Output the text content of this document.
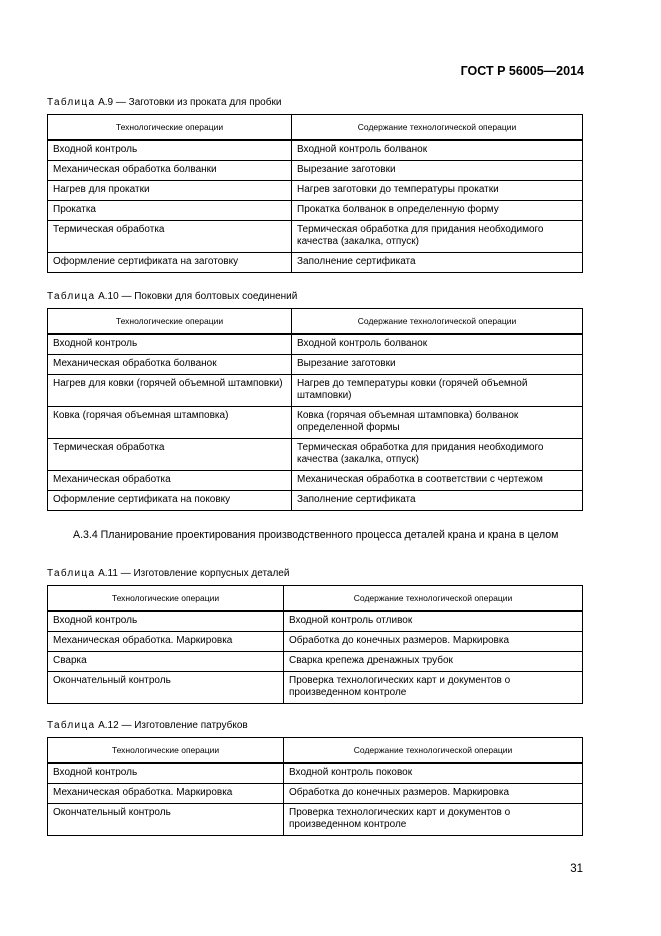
ГОСТ Р 56005—2014
Таблица А.9 — Заготовки из проката для пробки
Технологические операции	Содержание технологической операции
Входной контроль	Входной контроль болванок
Механическая обработка болванки	Вырезание заготовки
Нагрев для прокатки	Нагрев заготовки до температуры прокатки
Прокатка	Прокатка болванок в определенную форму
Термическая обработка	Термическая обработка для придания необходимого качества (закалка, отпуск)
Оформление сертификата на заготовку	Заполнение сертификата
Таблица А.10 — Поковки для болтовых соединений
Технологические операции	Содержание технологической операции
Входной контроль	Входной контроль болванок
Механическая обработка болванок	Вырезание заготовки
Нагрев для ковки (горячей объемной штамповки)	Нагрев до температуры ковки (горячей объемной штамповки)
Ковка (горячая объемная штамповка)	Ковка (горячая объемная штамповка) болванок определенной формы
Термическая обработка	Термическая обработка для придания необходимого качества (закалка, отпуск)
Механическая обработка	Механическая обработка в соответствии с чертежом
Оформление сертификата на поковку	Заполнение сертификата
А.3.4 Планирование проектирования производственного процесса деталей крана и крана в целом
Таблица А.11 — Изготовление корпусных деталей
Технологические операции	Содержание технологической операции
Входной контроль	Входной контроль отливок
Механическая обработка. Маркировка	Обработка до конечных размеров. Маркировка
Сварка	Сварка крепежа дренажных трубок
Окончательный контроль	Проверка технологических карт и документов о произведенном контроле
Таблица А.12 — Изготовление патрубков
Технологические операции	Содержание технологической операции
Входной контроль	Входной контроль поковок
Механическая обработка. Маркировка	Обработка до конечных размеров. Маркировка
Окончательный контроль	Проверка технологических карт и документов о произведенном контроле
31
